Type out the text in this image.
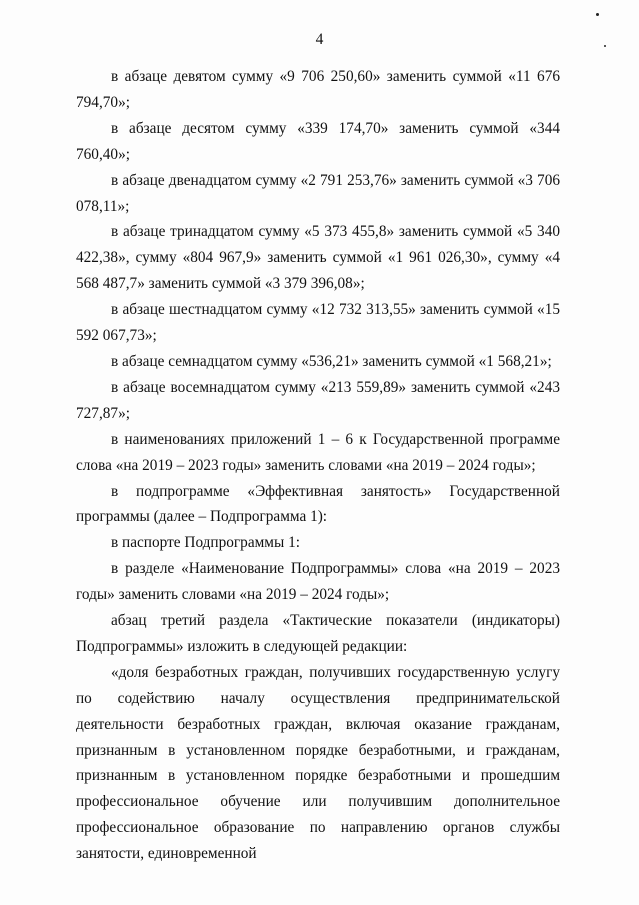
4

в абзаце девятом сумму «9 706 250,60» заменить суммой «11 676 794,70»;

в абзаце десятом сумму «339 174,70» заменить суммой «344 760,40»;

в абзаце двенадцатом сумму «2 791 253,76» заменить суммой «3 706 078,11»;

в абзаце тринадцатом сумму «5 373 455,8» заменить суммой «5 340 422,38», сумму «804 967,9» заменить суммой «1 961 026,30», сумму «4 568 487,7» заменить суммой «3 379 396,08»;

в абзаце шестнадцатом сумму «12 732 313,55» заменить суммой «15 592 067,73»;

в абзаце семнадцатом сумму «536,21» заменить суммой «1 568,21»;

в абзаце восемнадцатом сумму «213 559,89» заменить суммой «243 727,87»;

в наименованиях приложений 1 – 6 к Государственной программе слова «на 2019 – 2023 годы» заменить словами «на 2019 – 2024 годы»;

в подпрограмме «Эффективная занятость» Государственной программы (далее – Подпрограмма 1):

в паспорте Подпрограммы 1:

в разделе «Наименование Подпрограммы» слова «на 2019 – 2023 годы» заменить словами «на 2019 – 2024 годы»;

абзац третий раздела «Тактические показатели (индикаторы) Подпрограммы» изложить в следующей редакции:

«доля безработных граждан, получивших государственную услугу по содействию началу осуществления предпринимательской деятельности безработных граждан, включая оказание гражданам, признанным в установленном порядке безработными, и гражданам, признанным в установленном порядке безработными и прошедшим профессиональное обучение или получившим дополнительное профессиональное образование по направлению органов службы занятости, единовременной
